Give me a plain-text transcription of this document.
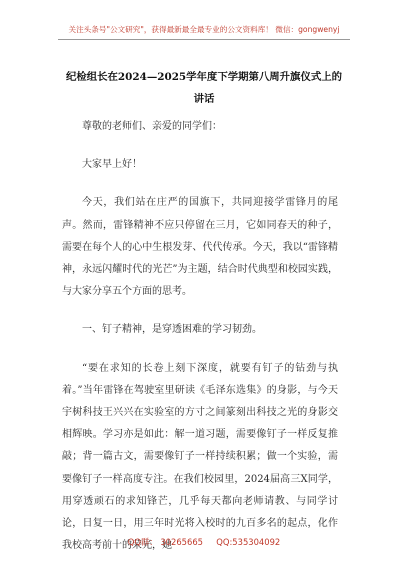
关注头条号"公文研究"，获得最新最全最专业的公文资料库！ 微信：gongwenyj
纪检组长在2024—2025学年度下学期第八周升旗仪式上的
讲话

尊敬的老师们、亲爱的同学们：

大家早上好！

今天，我们站在庄严的国旗下，共同迎接学雷锋月的尾声。然而，雷锋精神不应只停留在三月，它如同春天的种子，需要在每个人的心中生根发芽、代代传承。今天，我以“雷锋精神，永远闪耀时代的光芒”为主题，结合时代典型和校园实践，与大家分享五个方面的思考。

一、钉子精神，是穿透困难的学习韧劲。

“要在求知的长卷上刻下深度，就要有钉子的钻劲与执着。”当年雷锋在驾驶室里研读《毛泽东选集》的身影，与今天宇树科技王兴兴在实验室的方寸之间篆刻出科技之光的身影交相辉映。学习亦是如此：解一道习题，需要像钉子一样反复推敲；背一篇古文，需要像钉子一样持续积累；做一个实验，需要像钉子一样高度专注。在我们校园里，2024届高三X同学，用穿透顽石的求知锋芒，几乎每天都向老师请教、与同学讨论，日复一日，用三年时光将入校时的九百多名的起点，化作我校高考前十的荣光，她

QQ群： 30265665     QQ:535304092
